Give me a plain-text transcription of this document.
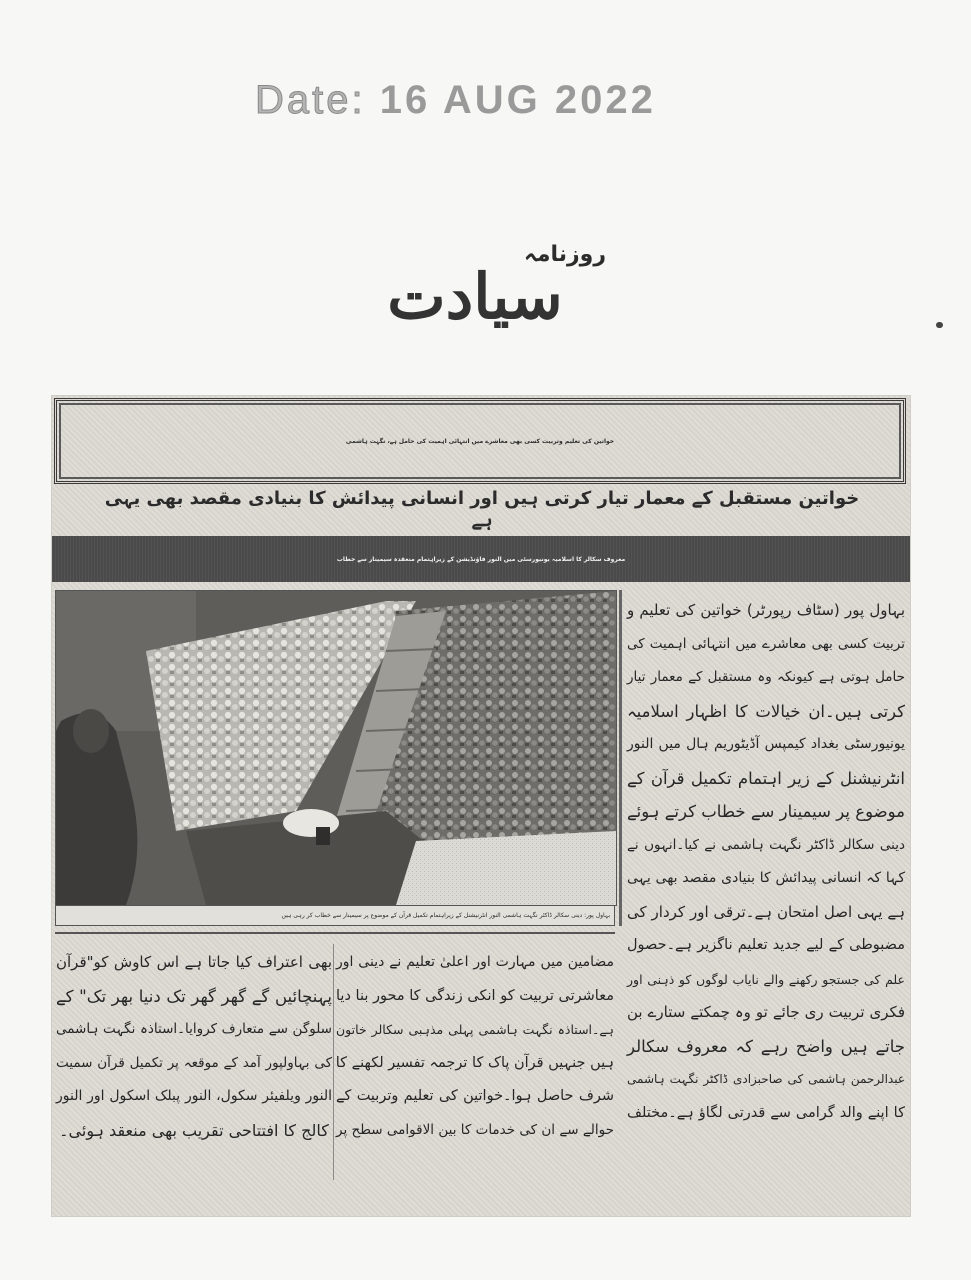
Date: 16 AUG 2022
روزنامہ
سیادت
خواتین کی تعلیم وتربیت کسی بھی معاشرے میں انتہائی اہمیت کی حامل ہے، نگہت ہاشمی
خواتین مستقبل کے معمار تیار کرتی ہیں اور انسانی پیدائش کا بنیادی مقصد بھی یہی
ہے
معروف سکالر کا اسلامیہ یونیورسٹی میں النور فاؤنڈیشن کے زیراہتمام منعقدہ سیمینار سے خطاب
بہاول پور: دینی سکالر ڈاکٹر نگہت ہاشمی النور انٹرنیشنل کے زیراہتمام تکمیل قرآن کے موضوع پر سیمینار سے خطاب کر رہی ہیں
بہاول پور (سٹاف رپورٹر) خواتین کی تعلیم و
تربیت کسی بھی معاشرے میں انتہائی اہمیت کی
حامل ہوتی ہے کیونکہ وہ مستقبل کے معمار تیار
کرتی ہیں۔ان خیالات کا اظہار اسلامیہ
یونیورسٹی بغداد کیمپس آڈیٹوریم ہال میں النور
انٹرنیشنل کے زیر اہتمام تکمیل قرآن کے
موضوع پر سیمینار سے خطاب کرتے ہوئے
دینی سکالر ڈاکٹر نگہت ہاشمی نے کیا۔انہوں نے
کہا کہ انسانی پیدائش کا بنیادی مقصد بھی یہی
ہے یہی اصل امتحان ہے۔ترقی اور کردار کی
مضبوطی کے لیے جدید تعلیم ناگزیر ہے۔حصول
علم کی جستجو رکھنے والے نایاب لوگوں کو ذہنی اور
فکری تربیت ری جائے تو وہ چمکتے ستارے بن
جاتے ہیں واضح رہے کہ معروف سکالر
عبدالرحمن ہاشمی کی صاحبزادی ڈاکٹر نگہت ہاشمی
کا اپنے والد گرامی سے قدرتی لگاؤ ہے۔مختلف
مضامین میں مہارت اور اعلیٰ تعلیم نے دینی اور
معاشرتی تربیت کو انکی زندگی کا محور بنا دیا
ہے۔استاذہ نگہت ہاشمی پہلی مذہبی سکالر خاتون
ہیں جنہیں قرآن پاک کا ترجمہ تفسیر لکھنے کا
شرف حاصل ہوا۔خواتین کی تعلیم وتربیت کے
حوالے سے ان کی خدمات کا بین الاقوامی سطح پر
بھی اعتراف کیا جاتا ہے اس کاوش کو"قرآن
پہنچائیں گے گھر گھر تک دنیا بھر تک" کے
سلوگن سے متعارف کروایا۔استاذہ نگہت ہاشمی
کی بہاولپور آمد کے موقعہ پر تکمیل قرآن سمیت
النور ویلفیئر سکول، النور پبلک اسکول اور النور
کالج کا افتتاحی تقریب بھی منعقد ہوئی۔
